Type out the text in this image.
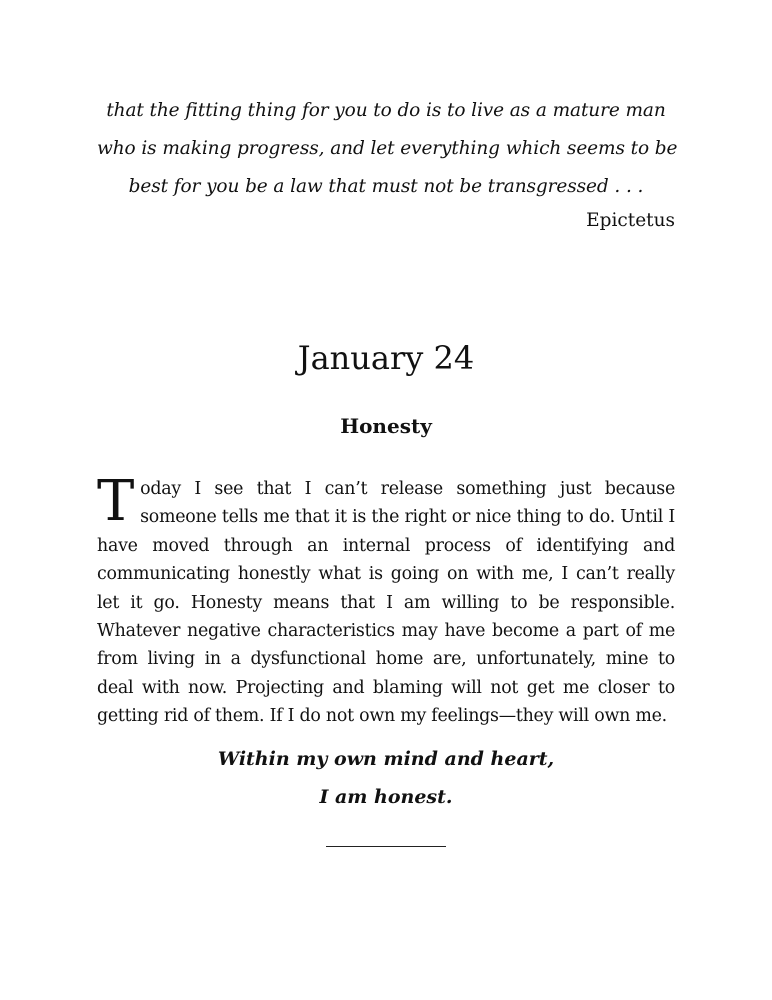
that the fitting thing for you to do is to live as a mature man
who is making progress, and let everything which seems to be
best for you be a law that must not be transgressed . . .
Epictetus
January 24
Honesty

Today I see that I can’t release something just because someone tells me that it is the right or nice thing to do. Until I have moved through an internal process of identifying and communicating honestly what is going on with me, I can’t really let it go. Honesty means that I am willing to be responsible. Whatever negative characteristics may have become a part of me from living in a dysfunctional home are, unfortunately, mine to deal with now. Projecting and blaming will not get me closer to getting rid of them. If I do not own my feelings—they will own me.

Within my own mind and heart,
I am honest.
